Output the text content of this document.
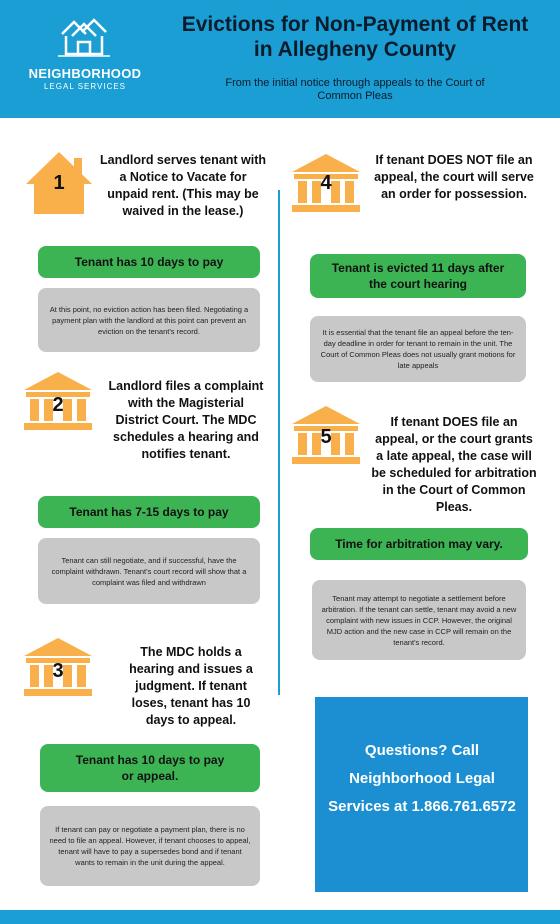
NEIGHBORHOOD
LEGAL SERVICES
Evictions for Non-Payment of Rent in Allegheny County
From the initial notice through appeals to the Court of Common Pleas
1
Landlord serves tenant with a Notice to Vacate for unpaid rent. (This may be waived in the lease.)
Tenant has 10 days to pay
At this point, no eviction action has been filed. Negotiating a payment plan with the landlord at this point can prevent an eviction on the tenant's record.
2
Landlord files a complaint with the Magisterial District Court. The MDC schedules a hearing and notifies tenant.
Tenant has 7-15 days to pay
Tenant can still negotiate, and if successful, have the complaint withdrawn. Tenant's court record will show that a complaint was filed and withdrawn
3
The MDC holds a hearing and issues a judgment. If tenant loses, tenant has 10 days to appeal.
Tenant has 10 days to pay or appeal.
If tenant can pay or negotiate a payment plan, there is no need to file an appeal. However, if tenant chooses to appeal, tenant will have to pay a supersedes bond and if tenant wants to remain in the unit during the appeal.
4
If tenant DOES NOT file an appeal, the court will serve an order for possession.
Tenant is evicted 11 days after the court hearing
It is essential that the tenant file an appeal before the ten-day deadline in order for tenant to remain in the unit. The Court of Common Pleas does not usually grant motions for late appeals
5
If tenant DOES file an appeal, or the court grants a late appeal, the case will be scheduled for arbitration in the Court of Common Pleas.
Time for arbitration may vary.
Tenant may attempt to negotiate a settlement before arbitration. If the tenant can settle, tenant may avoid a new complaint with new issues in CCP. However, the original MJD action and the new case in CCP will remain on the tenant's record.
Questions? Call Neighborhood Legal Services at 1.866.761.6572
